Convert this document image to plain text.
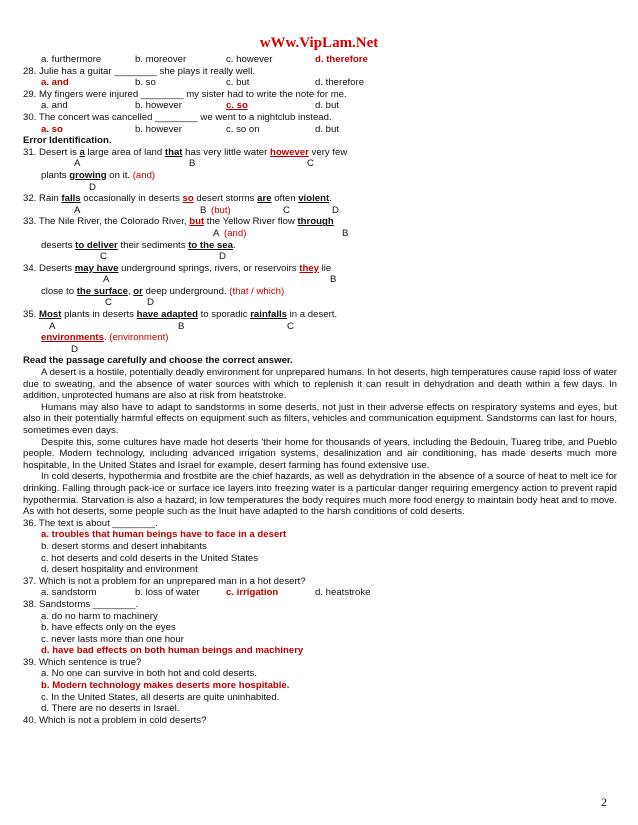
wWw.VipLam.Net
a. furthermore	b. moreover	c. however	d. therefore
28. Julie has a guitar ________ she plays it really well.
a. and	b. so	c. but	d. therefore
29. My fingers were injured ________ my sister had to write the note for me.
a. and	b. however	c. so	d. but
30. The concert was cancelled ________ we went to a nightclub instead.
a. so	b. however	c. so on	d. but
Error Identification.
31. Desert is a large area of land that has very little water however very few
A	B	C
plants growing on it. (and)
D
32. Rain falls occasionally in deserts so desert storms are often violent.
A	B (but)	C	D
33. The Nile River, the Colorado River, but the Yellow River flow through
A (and)	B
deserts to deliver their sediments to the sea.
C	D
34. Deserts may have underground springs, rivers, or reservoirs they lie
A	B
close to the surface, or deep underground. (that / which)
C	D
35. Most plants in deserts have adapted to sporadic rainfalls in a desert.
A	B	C
environments. (environment)
D
Read the passage carefully and choose the correct answer.

A desert is a hostile, potentially deadly environment for unprepared humans. In hot deserts, high temperatures cause rapid loss of water due to sweating, and the absence of water sources with which to replenish it can result in dehydration and death within a few days. In addition, unprotected humans are also at risk from heatstroke.

Humans may also have to adapt to sandstorms in some deserts, not just in their adverse effects on respiratory systems and eyes, but also in their potentially harmful effects on equipment such as filters, vehicles and communication equipment. Sandstorms can last for hours, sometimes even days.

Despite this, some cultures have made hot deserts 'their home for thousands of years, including the Bedouin, Tuareg tribe, and Pueblo people. Modern technology, including advanced irrigation systems, desalinization and air conditioning, has made deserts much more hospitable, In the United States and Israel for example, desert farming has found extensive use.

In cold deserts, hypothermia and frostbite are the chief hazards, as well as dehydration in the absence of a source of heat to melt ice for drinking. Falling through pack-ice or surface ice layers into freezing water is a particular danger requiring emergency action to prevent rapid hypothermia. Starvation is also a hazard; in low temperatures the body requires much more food energy to maintain body heat and to move. As with hot deserts, some people such as the Inuit have adapted to the harsh conditions of cold deserts.

36. The text is about ________.
a. troubles that human beings have to face in a desert
b. desert storms and desert inhabitants
c. hot deserts and cold deserts in the United States
d. desert hospitality and environment
37. Which is not a problem for an unprepared man in a hot desert?
a. sandstorm	b. loss of water	c. irrigation	d. heatstroke
38. Sandstorms ________.
a. do no harm to machinery
b. have effects only on the eyes
c. never lasts more than one hour
d. have bad effects on both human beings and machinery
39. Which sentence is true?
a. No one can survive in both hot and cold deserts.
b. Modern technology makes deserts more hospitable.
c. In the United States, all deserts are quite uninhabited.
d. There are no deserts in Israel.
40. Which is not a problem in cold deserts?
2
